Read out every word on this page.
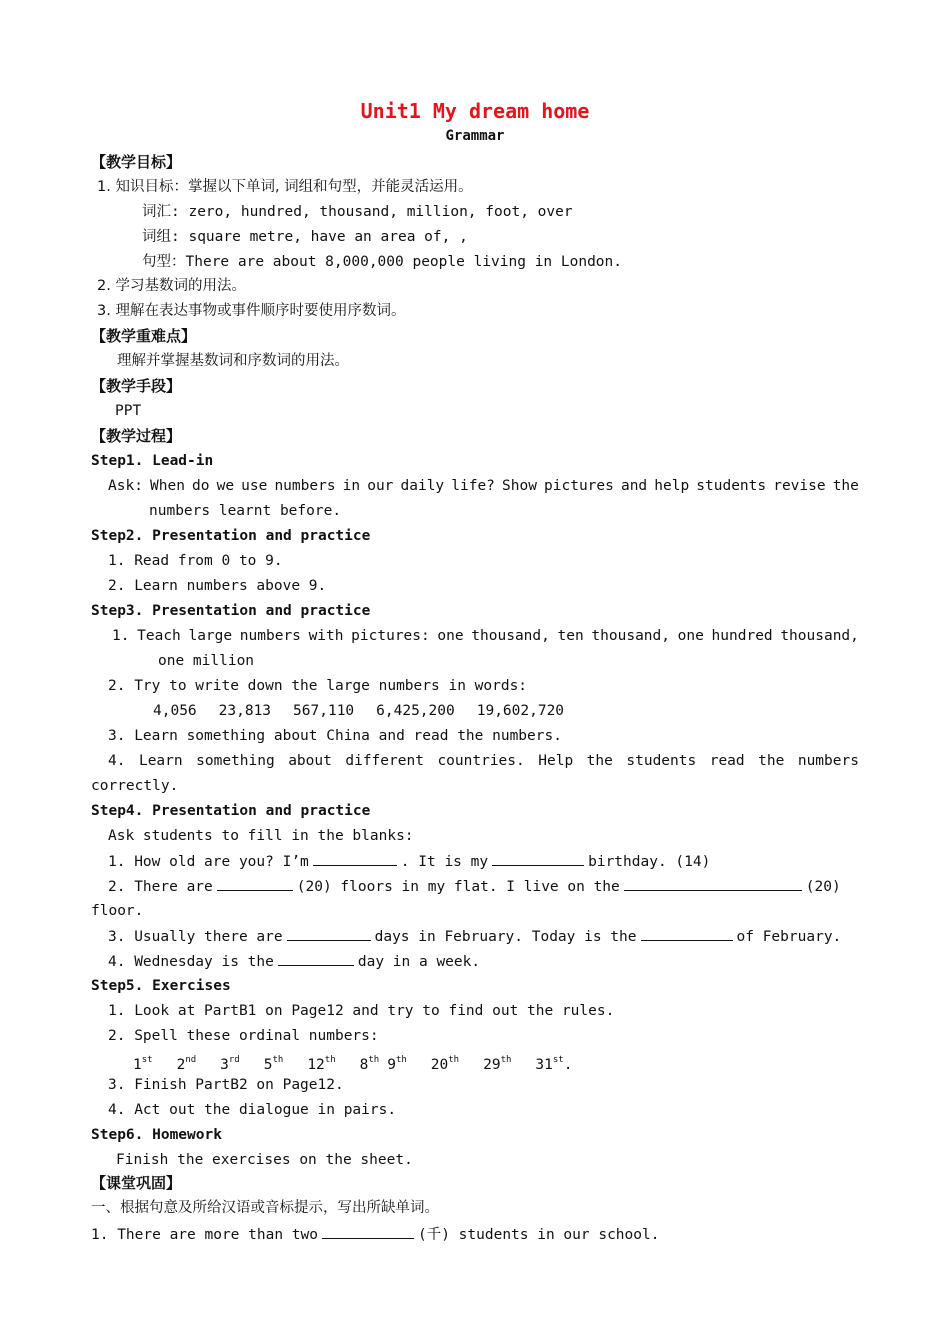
Unit1 My dream home
Grammar
【教学目标】
1. 知识目标：掌握以下单词, 词组和句型，并能灵活运用。
词汇: zero, hundred, thousand, million, foot, over
词组: square metre, have an area of, ,
句型：There are about 8,000,000 people living in London.
2. 学习基数词的用法。
3. 理解在表达事物或事件顺序时要使用序数词。
【教学重难点】
理解并掌握基数词和序数词的用法。
【教学手段】
PPT
【教学过程】
Step1. Lead-in
Ask: When do we use numbers in our daily life? Show pictures and help students revise the
numbers learnt before.
Step2. Presentation and practice
1. Read from 0 to 9.
2. Learn numbers above 9.
Step3. Presentation and practice
1. Teach large numbers with pictures: one thousand, ten thousand, one hundred thousand,
one million
2. Try to write down the large numbers in words:
4,056 23,813 567,110 6,425,200 19,602,720
3. Learn something about China and read the numbers.
4. Learn something about different countries. Help the students read the numbers
correctly.
Step4. Presentation and practice
Ask students to fill in the blanks:
1. How old are you? I’m	. It is my	birthday. (14)
2. There are	(20) floors in my flat. I live on the	(20)
floor.
3. Usually there are	days in February. Today is the	of February.
4. Wednesday is the	day in a week.
Step5. Exercises
1. Look at PartB1 on Page12 and try to find out the rules.
2. Spell these ordinal numbers:
1st 2nd 3rd 5th 12th 8th 9th 20th 29th 31st.
3. Finish PartB2 on Page12.
4. Act out the dialogue in pairs.
Step6. Homework
Finish the exercises on the sheet.
【课堂巩固】
一、根据句意及所给汉语或音标提示，写出所缺单词。
1. There are more than two	(千) students in our school.
